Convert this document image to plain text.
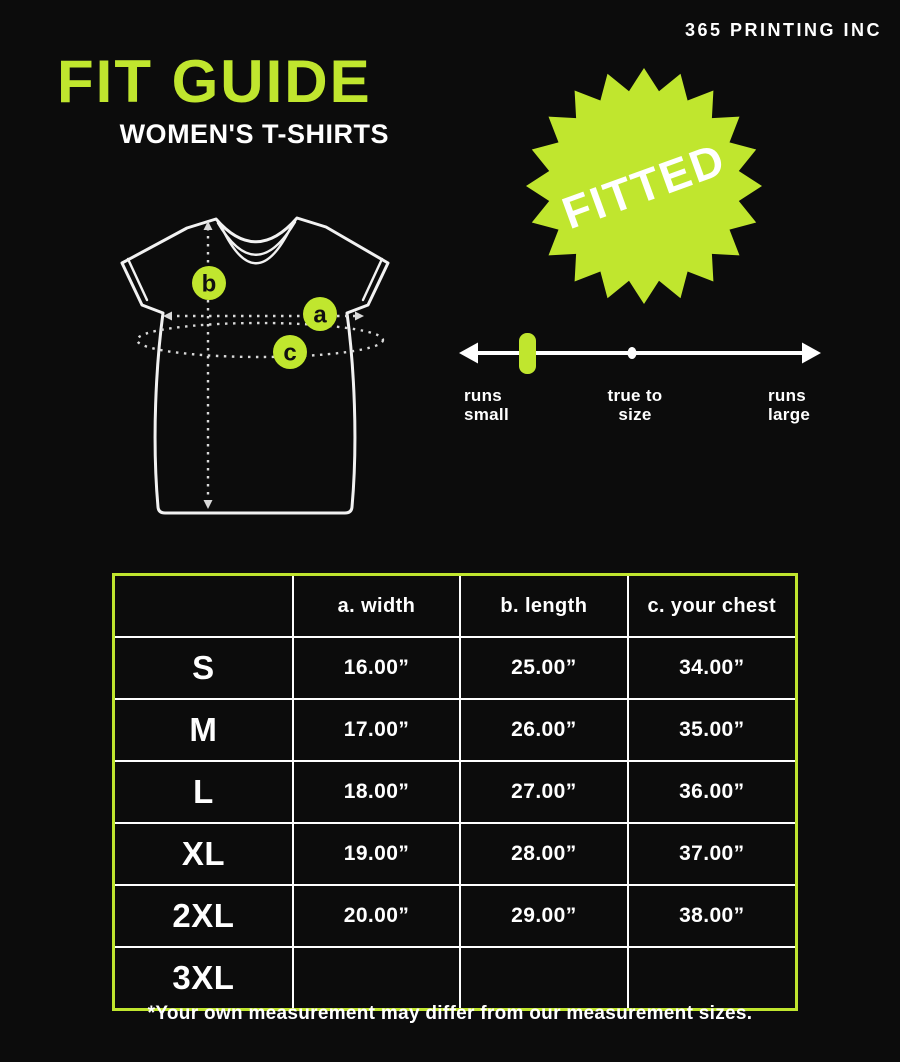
365 PRINTING INC
FIT GUIDE
WOMEN'S T-SHIRTS	FITTED
b
a
c
runs
small
true to
size
runs
large
	a. width	b. length	c. your chest
S	16.00”	25.00”	34.00”
M	17.00”	26.00”	35.00”
L	18.00”	27.00”	36.00”
XL	19.00”	28.00”	37.00”
2XL	20.00”	29.00”	38.00”
3XL			
*Your own measurement may differ from our measurement sizes.
